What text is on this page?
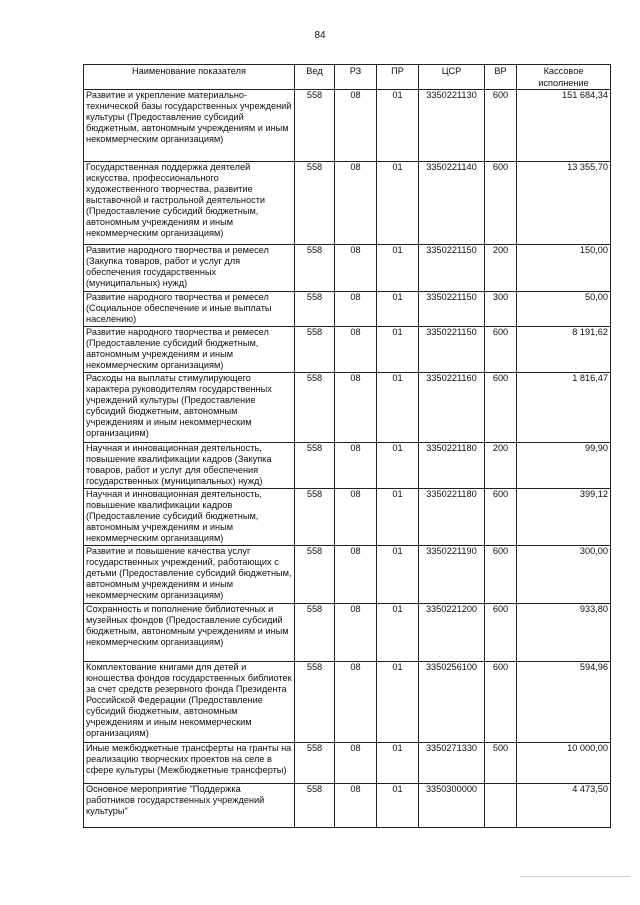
84
Наименование показателя	Вед	РЗ	ПР	ЦСР	ВР	Кассовое исполнение
Развитие и укрепление материально-технической базы государственных учреждений культуры (Предоставление субсидий бюджетным, автономным учреждениям и иным некоммерческим организациям)	558	08	01	3350221130	600	151 684,34
Государственная поддержка деятелей искусства, профессионального художественного творчества, развитие выставочной и гастрольной деятельности (Предоставление субсидий бюджетным, автономным учреждениям и иным некоммерческим организациям)	558	08	01	3350221140	600	13 355,70
Развитие народного творчества и ремесел (Закупка товаров, работ и услуг для обеспечения государственных (муниципальных) нужд)	558	08	01	3350221150	200	150,00
Развитие народного творчества и ремесел (Социальное обеспечение и иные выплаты населению)	558	08	01	3350221150	300	50,00
Развитие народного творчества и ремесел (Предоставление субсидий бюджетным, автономным учреждениям и иным некоммерческим организациям)	558	08	01	3350221150	600	8 191,62
Расходы на выплаты стимулирующего характера руководителям государственных учреждений культуры (Предоставление субсидий бюджетным, автономным учреждениям и иным некоммерческим организациям)	558	08	01	3350221160	600	1 816,47
Научная и инновационная деятельность, повышение квалификации кадров (Закупка товаров, работ и услуг для обеспечения государственных (муниципальных) нужд)	558	08	01	3350221180	200	99,90
Научная и инновационная деятельность, повышение квалификации кадров (Предоставление субсидий бюджетным, автономным учреждениям и иным некоммерческим организациям)	558	08	01	3350221180	600	399,12
Развитие и повышение качества услуг государственных учреждений, работающих с детьми (Предоставление субсидий бюджетным, автономным учреждениям и иным некоммерческим организациям)	558	08	01	3350221190	600	300,00
Сохранность и пополнение библиотечных и музейных фондов (Предоставление субсидий бюджетным, автономным учреждениям и иным некоммерческим организациям)	558	08	01	3350221200	600	933,80
Комплектование книгами для детей и юношества фондов государственных библиотек за счет средств резервного фонда Президента Российской Федерации (Предоставление субсидий бюджетным, автономным учреждениям и иным некоммерческим организациям)	558	08	01	3350256100	600	594,96
Иные межбюджетные трансферты на гранты на реализацию творческих проектов на селе в сфере культуры (Межбюджетные трансферты)	558	08	01	3350271330	500	10 000,00
Основное мероприятие "Поддержка работников государственных учреждений культуры"	558	08	01	3350300000		4 473,50
